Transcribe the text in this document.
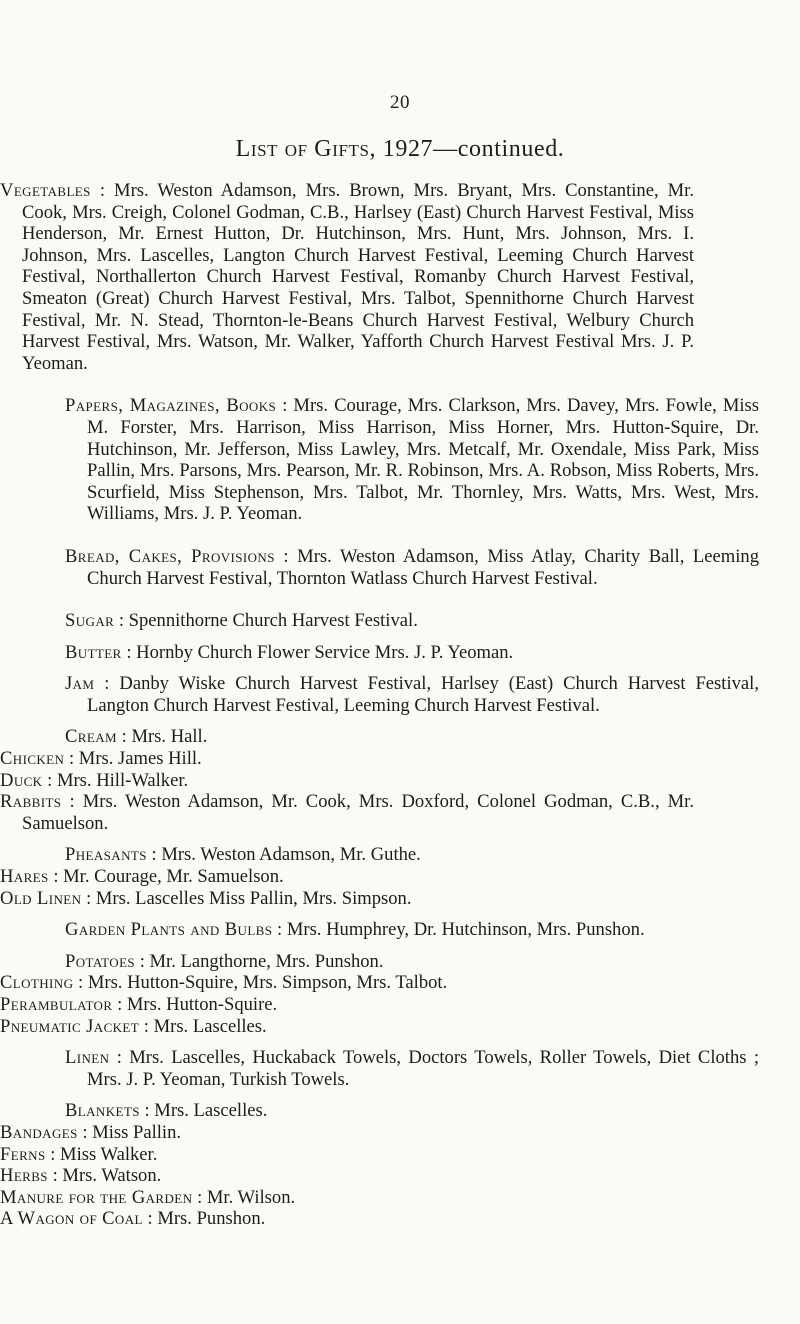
20
List of Gifts, 1927—continued.

Vegetables : Mrs. Weston Adamson, Mrs. Brown, Mrs. Bryant, Mrs. Constantine, Mr. Cook, Mrs. Creigh, Colonel Godman, C.B., Harlsey (East) Church Harvest Festival, Miss Henderson, Mr. Ernest Hutton, Dr. Hutchinson, Mrs. Hunt, Mrs. Johnson, Mrs. I. Johnson, Mrs. Lascelles, Langton Church Harvest Festival, Leeming Church Harvest Festival, Northallerton Church Harvest Festival, Romanby Church Harvest Festival, Smeaton (Great) Church Harvest Festival, Mrs. Talbot, Spennithorne Church Harvest Festival, Mr. N. Stead, Thornton-le-Beans Church Harvest Festival, Welbury Church Harvest Festival, Mrs. Watson, Mr. Walker, Yafforth Church Harvest Festival Mrs. J. P. Yeoman.

Papers, Magazines, Books : Mrs. Courage, Mrs. Clarkson, Mrs. Davey, Mrs. Fowle, Miss M. Forster, Mrs. Harrison, Miss Harrison, Miss Horner, Mrs. Hutton-Squire, Dr. Hutchinson, Mr. Jefferson, Miss Lawley, Mrs. Metcalf, Mr. Oxendale, Miss Park, Miss Pallin, Mrs. Parsons, Mrs. Pearson, Mr. R. Robinson, Mrs. A. Robson, Miss Roberts, Mrs. Scurfield, Miss Stephenson, Mrs. Talbot, Mr. Thornley, Mrs. Watts, Mrs. West, Mrs. Williams, Mrs. J. P. Yeoman.

Bread, Cakes, Provisions : Mrs. Weston Adamson, Miss Atlay, Charity Ball, Leeming Church Harvest Festival, Thornton Watlass Church Harvest Festival.

Sugar : Spennithorne Church Harvest Festival.

Butter : Hornby Church Flower Service Mrs. J. P. Yeoman.

Jam : Danby Wiske Church Harvest Festival, Harlsey (East) Church Harvest Festival, Langton Church Harvest Festival, Leeming Church Harvest Festival.

Cream : Mrs. Hall.

Chicken : Mrs. James Hill.

Duck : Mrs. Hill-Walker.

Rabbits : Mrs. Weston Adamson, Mr. Cook, Mrs. Doxford, Colonel Godman, C.B., Mr. Samuelson.

Pheasants : Mrs. Weston Adamson, Mr. Guthe.

Hares : Mr. Courage, Mr. Samuelson.

Old Linen : Mrs. Lascelles Miss Pallin, Mrs. Simpson.

Garden Plants and Bulbs : Mrs. Humphrey, Dr. Hutchinson, Mrs. Punshon.

Potatoes : Mr. Langthorne, Mrs. Punshon.

Clothing : Mrs. Hutton-Squire, Mrs. Simpson, Mrs. Talbot.

Perambulator : Mrs. Hutton-Squire.

Pneumatic Jacket : Mrs. Lascelles.

Linen : Mrs. Lascelles, Huckaback Towels, Doctors Towels, Roller Towels, Diet Cloths ; Mrs. J. P. Yeoman, Turkish Towels.

Blankets : Mrs. Lascelles.

Bandages : Miss Pallin.

Ferns : Miss Walker.

Herbs : Mrs. Watson.

Manure for the Garden : Mr. Wilson.

A Wagon of Coal : Mrs. Punshon.
